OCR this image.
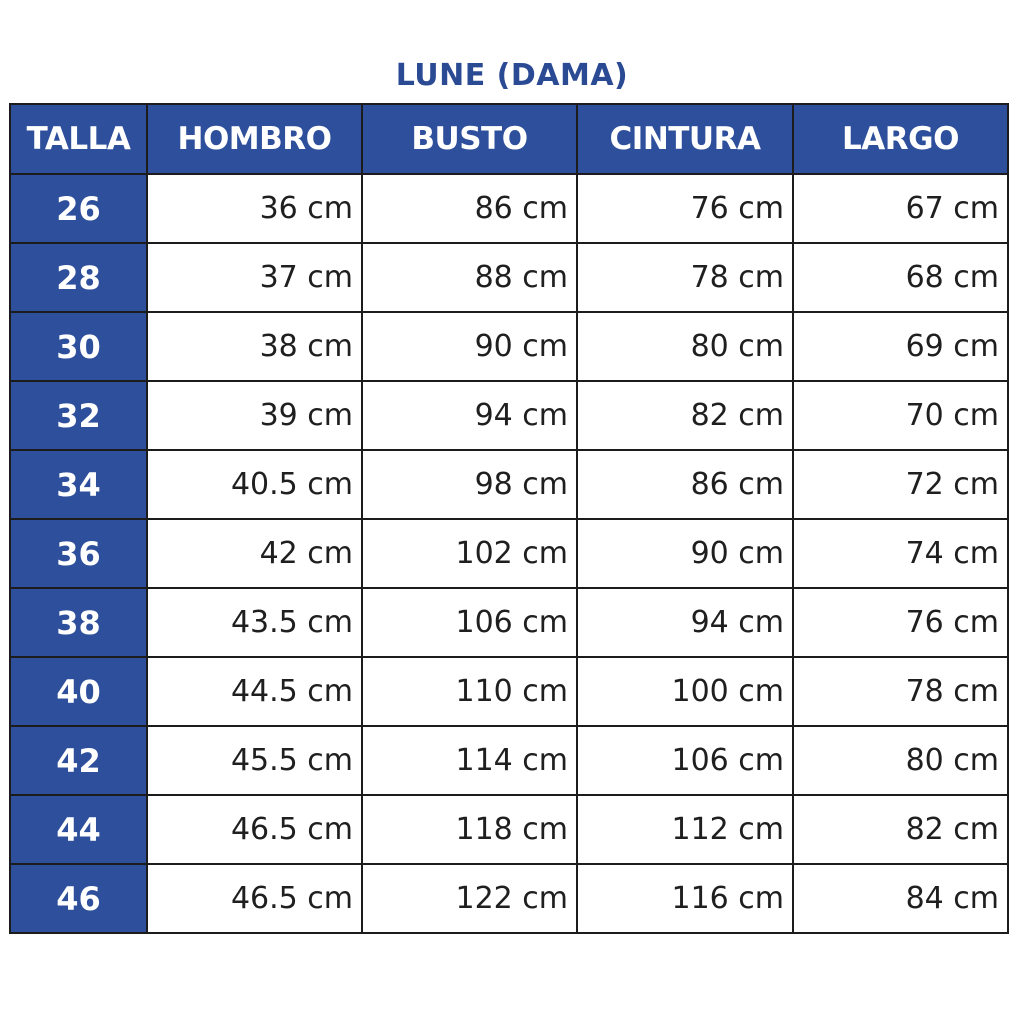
LUNE (DAMA)
TALLA	HOMBRO	BUSTO	CINTURA	LARGO
26	36 cm	86 cm	76 cm	67 cm
28	37 cm	88 cm	78 cm	68 cm
30	38 cm	90 cm	80 cm	69 cm
32	39 cm	94 cm	82 cm	70 cm
34	40.5 cm	98 cm	86 cm	72 cm
36	42 cm	102 cm	90 cm	74 cm
38	43.5 cm	106 cm	94 cm	76 cm
40	44.5 cm	110 cm	100 cm	78 cm
42	45.5 cm	114 cm	106 cm	80 cm
44	46.5 cm	118 cm	112 cm	82 cm
46	46.5 cm	122 cm	116 cm	84 cm
